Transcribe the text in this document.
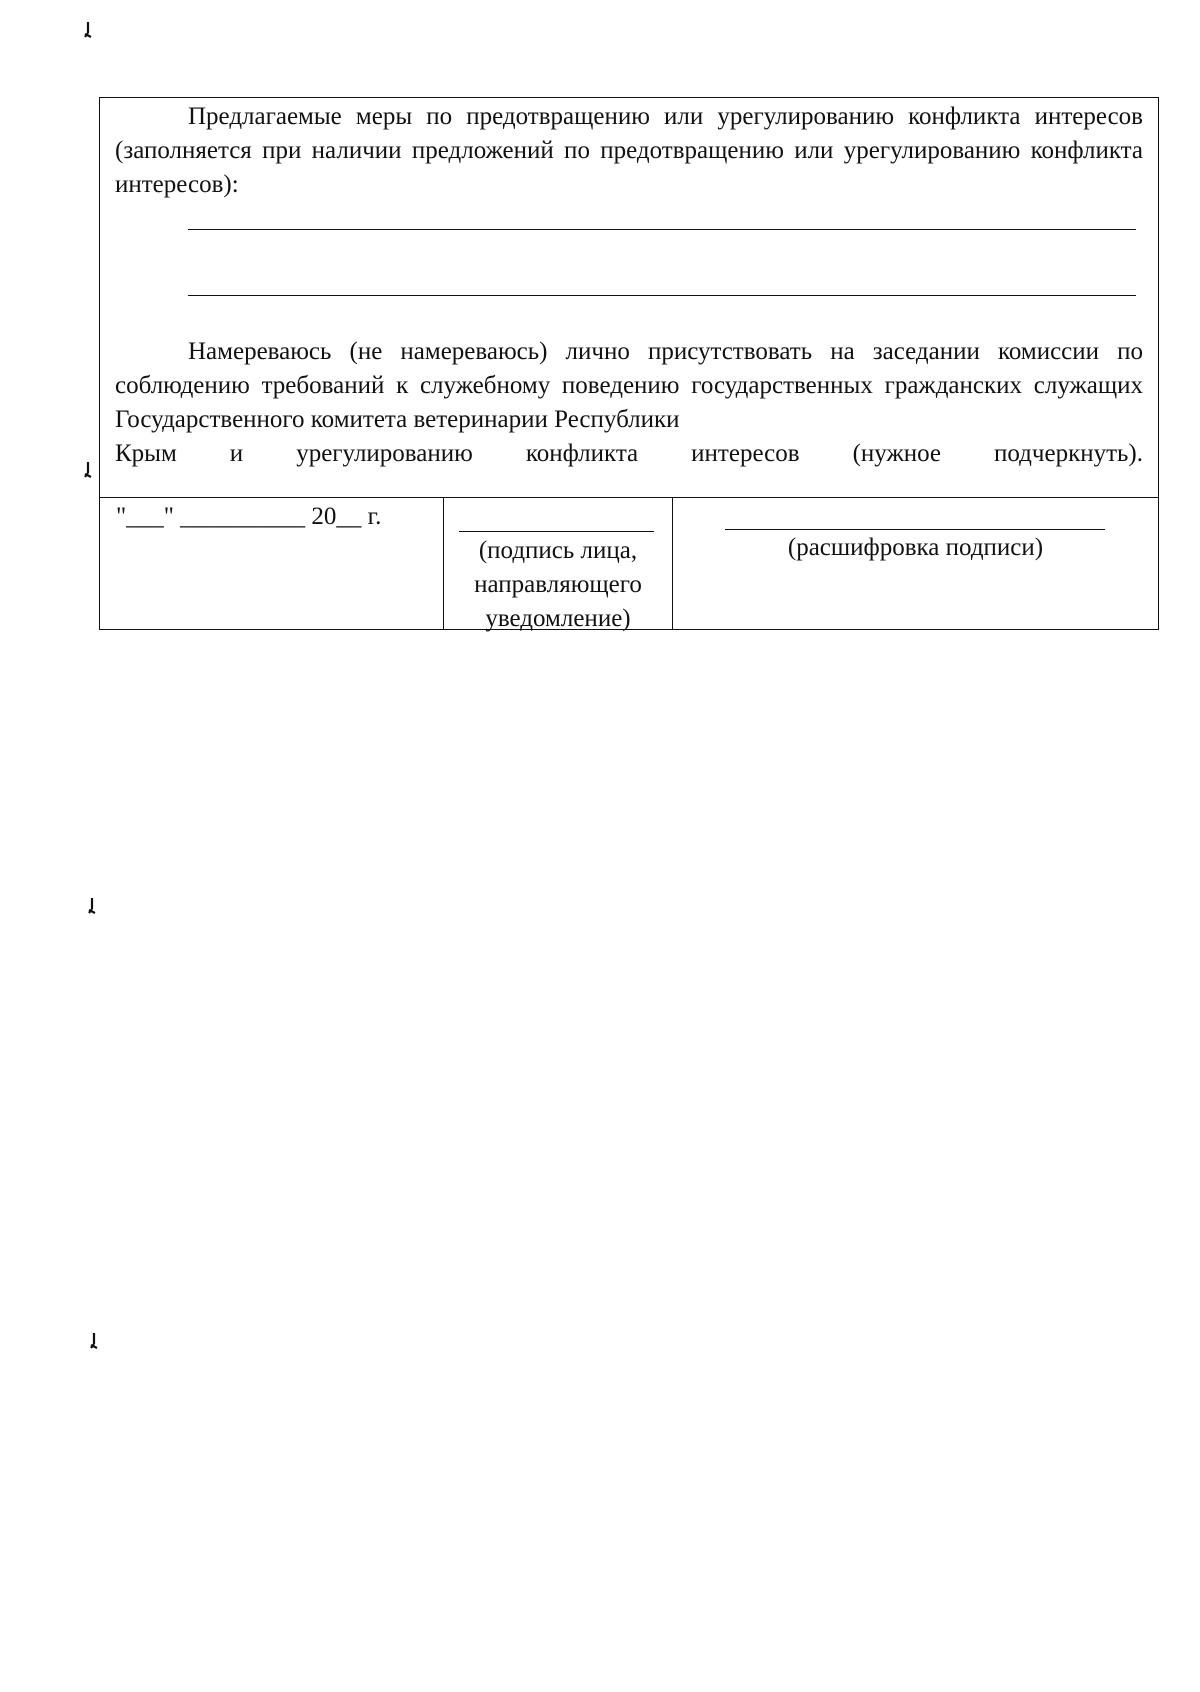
Предлагаемые меры по предотвращению или урегулированию конфликта интересов (заполняется при наличии предложений по предотвращению или урегулированию конфликта интересов):
Намереваюсь (не намереваюсь) лично присутствовать на заседании комиссии по соблюдению требований к служебному поведению государственных гражданских служащих Государственного комитета ветеринарии Республики
Крым и урегулированию конфликта интересов (нужное подчеркнуть).
"___" __________ 20__ г.
(подпись лица, направляющего уведомление)
(расшифровка подписи)
